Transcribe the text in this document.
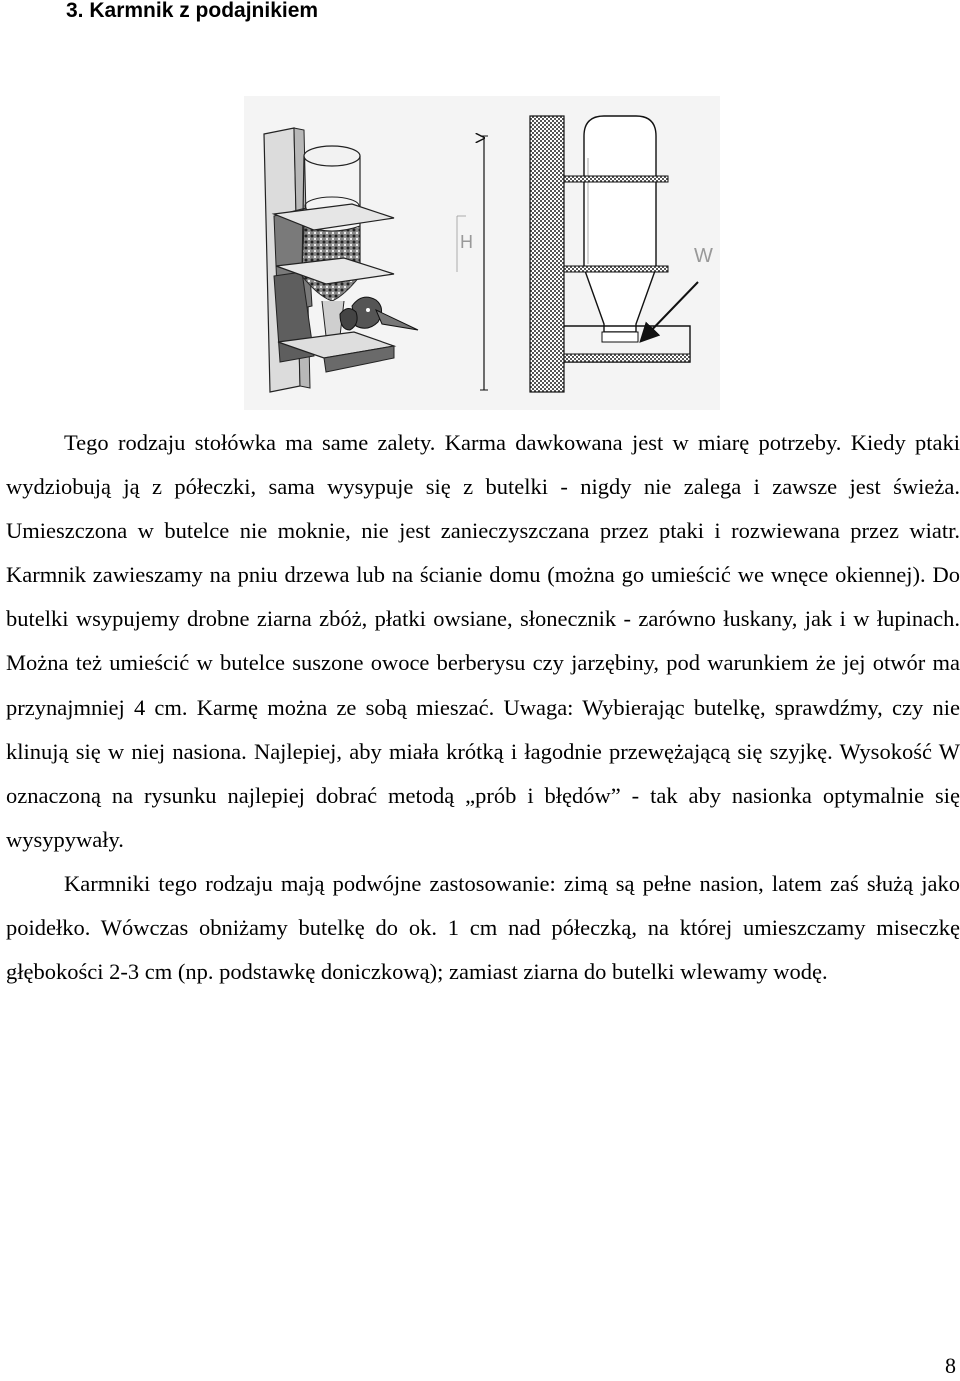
3. Karmnik z podajnikiem
H
W

Tego rodzaju stołówka ma same zalety. Karma dawkowana jest w miarę potrzeby. Kiedy ptaki wydziobują ją z półeczki, sama wysypuje się z butelki - nigdy nie zalega i zawsze jest świeża. Umieszczona w butelce nie moknie, nie jest zanieczyszczana przez ptaki i rozwiewana przez wiatr. Karmnik zawieszamy na pniu drzewa lub na ścianie domu (można go umieścić we wnęce okiennej). Do butelki wsypujemy drobne ziarna zbóż, płatki owsiane, słonecznik - zarówno łuskany, jak i w łupinach. Można też umieścić w butelce suszone owoce berberysu czy jarzębiny, pod warunkiem że jej otwór ma przynajmniej 4 cm. Karmę można ze sobą mieszać. Uwaga: Wybierając butelkę, sprawdźmy, czy nie klinują się w niej nasiona. Najlepiej, aby miała krótką i łagodnie przewężającą się szyjkę. Wysokość W oznaczoną na rysunku najlepiej dobrać metodą „prób i błędów” - tak aby nasionka optymalnie się wysypywały.

Karmniki tego rodzaju mają podwójne zastosowanie: zimą są pełne nasion, latem zaś służą jako poidełko. Wówczas obniżamy butelkę do ok. 1 cm nad półeczką, na której umieszczamy miseczkę głębokości 2-3 cm (np. podstawkę doniczkową); zamiast ziarna do butelki wlewamy wodę.

8
